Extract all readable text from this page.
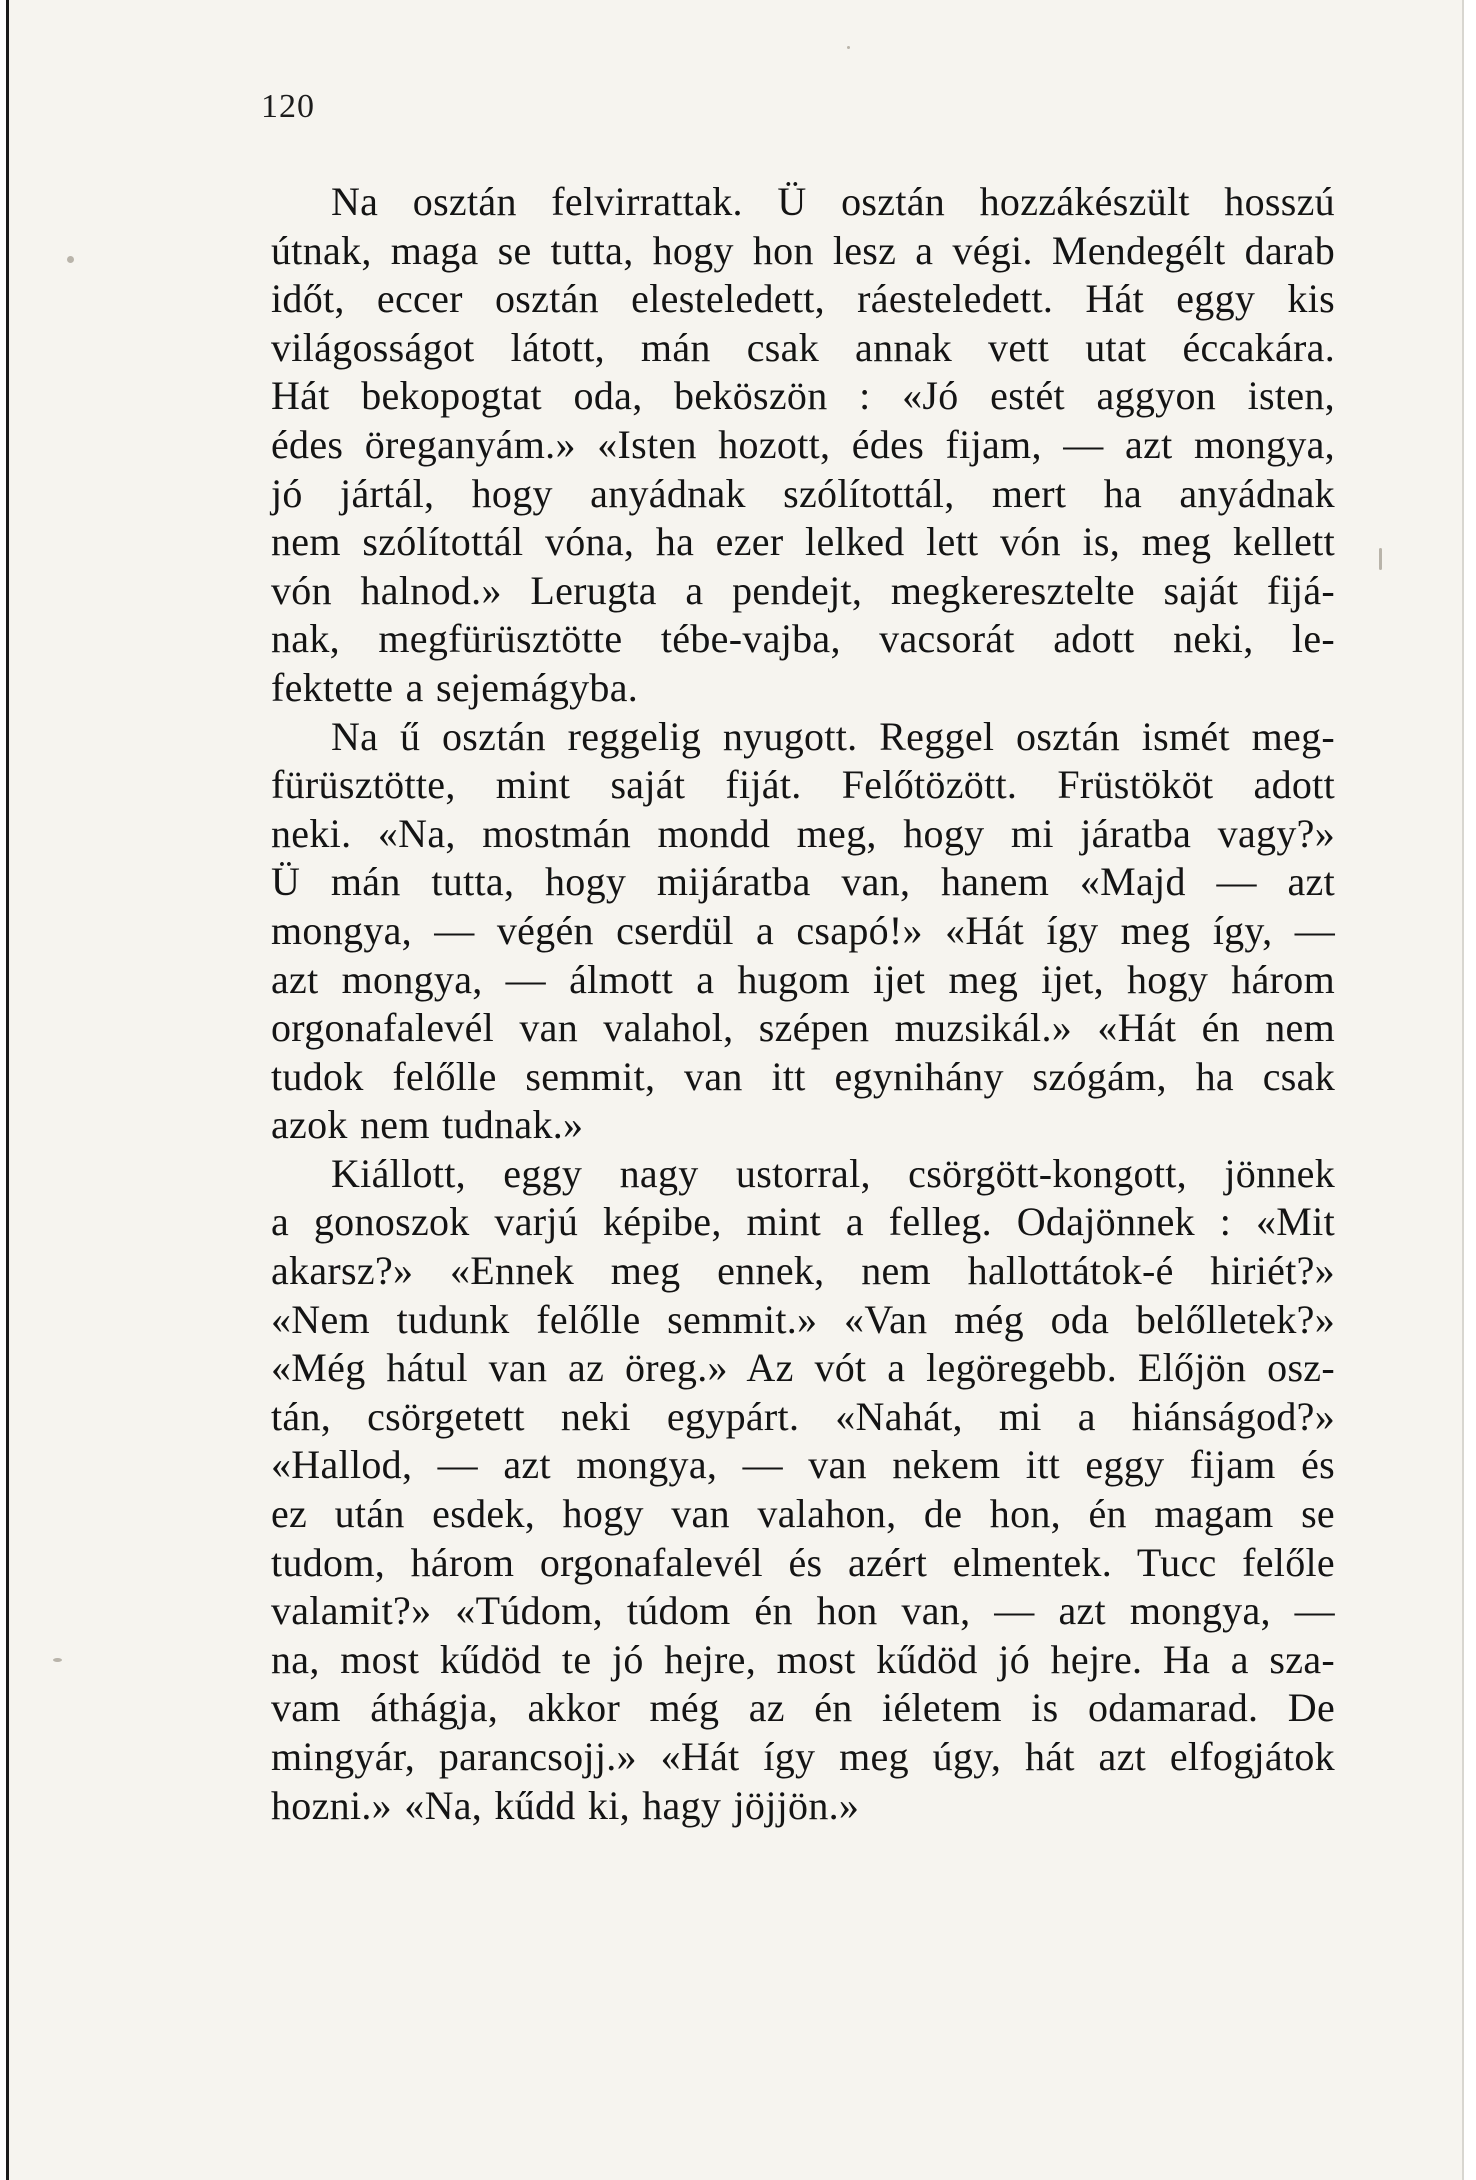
120
Na osztán felvirrattak. Ü osztán hozzákészült hosszú
útnak, maga se tutta, hogy hon lesz a végi. Mendegélt darab
időt, eccer osztán elesteledett, ráesteledett. Hát eggy kis
világosságot látott, mán csak annak vett utat éccakára.
Hát bekopogtat oda, beköszön : «Jó estét aggyon isten,
édes öreganyám.» «Isten hozott, édes fijam, — azt mongya,
jó jártál, hogy anyádnak szólítottál, mert ha anyádnak
nem szólítottál vóna, ha ezer lelked lett vón is, meg kellett
vón halnod.» Lerugta a pendejt, megkeresztelte saját fijá-
nak, megfürüsztötte tébe-vajba, vacsorát adott neki, le-
fektette a sejemágyba.
Na ű osztán reggelig nyugott. Reggel osztán ismét meg-
fürüsztötte, mint saját fiját. Felőtözött. Früstököt adott
neki. «Na, mostmán mondd meg, hogy mi járatba vagy?»
Ü mán tutta, hogy mijáratba van, hanem «Majd — azt
mongya, — végén cserdül a csapó!» «Hát így meg így, —
azt mongya, — álmott a hugom ijet meg ijet, hogy három
orgonafalevél van valahol, szépen muzsikál.» «Hát én nem
tudok felőlle semmit, van itt egynihány szógám, ha csak
azok nem tudnak.»
Kiállott, eggy nagy ustorral, csörgött-kongott, jönnek
a gonoszok varjú képibe, mint a felleg. Odajönnek : «Mit
akarsz?» «Ennek meg ennek, nem hallottátok-é hiriét?»
«Nem tudunk felőlle semmit.» «Van még oda belőlletek?»
«Még hátul van az öreg.» Az vót a legöregebb. Előjön osz-
tán, csörgetett neki egypárt. «Nahát, mi a hiánságod?»
«Hallod, — azt mongya, — van nekem itt eggy fijam és
ez után esdek, hogy van valahon, de hon, én magam se
tudom, három orgonafalevél és azért elmentek. Tucc felőle
valamit?» «Túdom, túdom én hon van, — azt mongya, —
na, most kűdöd te jó hejre, most kűdöd jó hejre. Ha a sza-
vam áthágja, akkor még az én iéletem is odamarad. De
mingyár, parancsojj.» «Hát így meg úgy, hát azt elfogjátok
hozni.» «Na, kűdd ki, hagy jöjjön.»
